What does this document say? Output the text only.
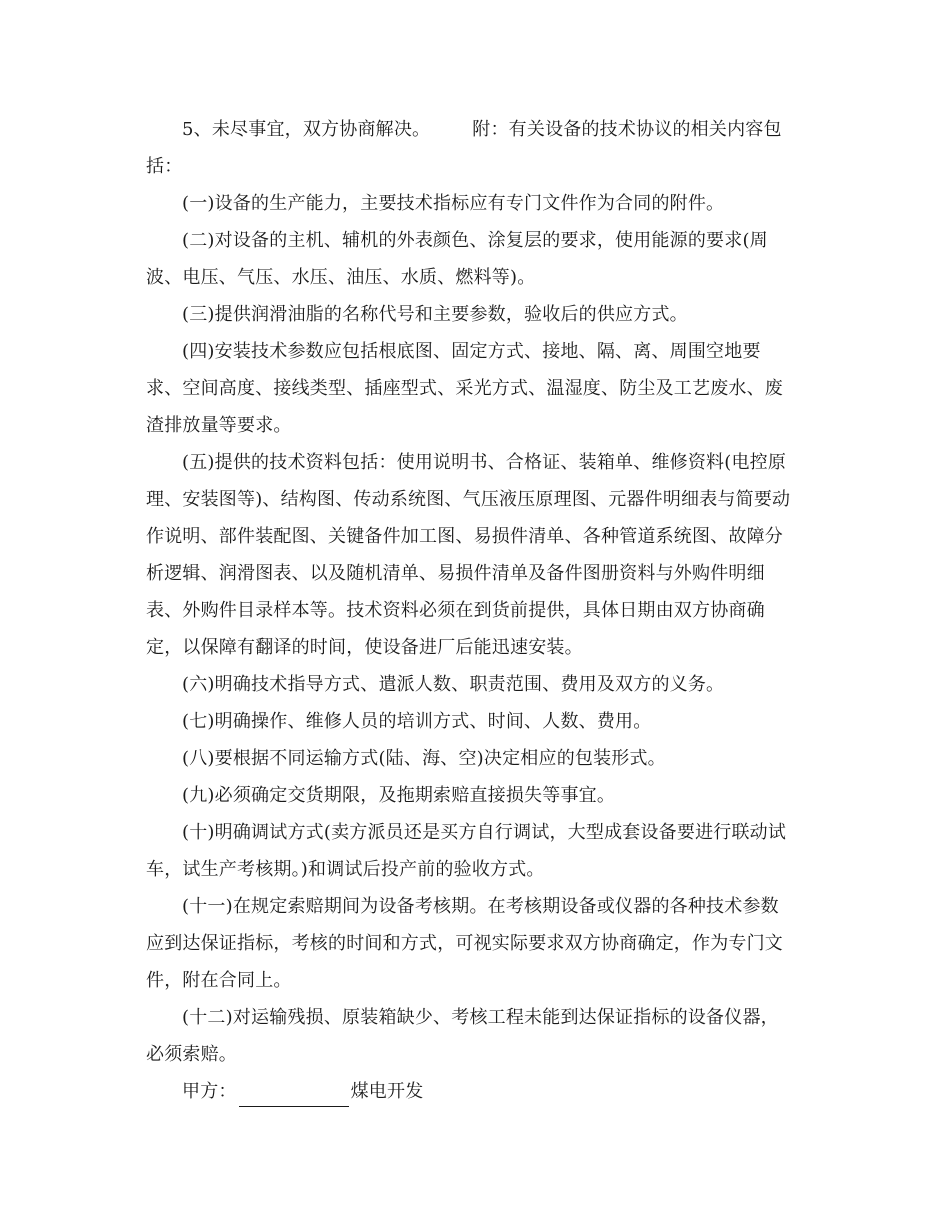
5、未尽事宜，双方协商解决。 附：有关设备的技术协议的相关内容包
括：
(一)设备的生产能力，主要技术指标应有专门文件作为合同的附件。
(二)对设备的主机、辅机的外表颜色、涂复层的要求，使用能源的要求(周
波、电压、气压、水压、油压、水质、燃料等)。
(三)提供润滑油脂的名称代号和主要参数，验收后的供应方式。
(四)安装技术参数应包括根底图、固定方式、接地、隔、离、周围空地要
求、空间高度、接线类型、插座型式、采光方式、温湿度、防尘及工艺废水、废
渣排放量等要求。
(五)提供的技术资料包括：使用说明书、合格证、装箱单、维修资料(电控原
理、安装图等)、结构图、传动系统图、气压液压原理图、元器件明细表与简要动
作说明、部件装配图、关键备件加工图、易损件清单、各种管道系统图、故障分
析逻辑、润滑图表、以及随机清单、易损件清单及备件图册资料与外购件明细
表、外购件目录样本等。技术资料必须在到货前提供，具体日期由双方协商确
定，以保障有翻译的时间，使设备进厂后能迅速安装。
(六)明确技术指导方式、遣派人数、职责范围、费用及双方的义务。
(七)明确操作、维修人员的培训方式、时间、人数、费用。
(八)要根据不同运输方式(陆、海、空)决定相应的包装形式。
(九)必须确定交货期限，及拖期索赔直接损失等事宜。
(十)明确调试方式(卖方派员还是买方自行调试，大型成套设备要进行联动试
车，试生产考核期。)和调试后投产前的验收方式。
(十一)在规定索赔期间为设备考核期。在考核期设备或仪器的各种技术参数
应到达保证指标，考核的时间和方式，可视实际要求双方协商确定，作为专门文
件，附在合同上。
(十二)对运输残损、原装箱缺少、考核工程未能到达保证指标的设备仪器，
必须索赔。
甲方：	煤电开发
